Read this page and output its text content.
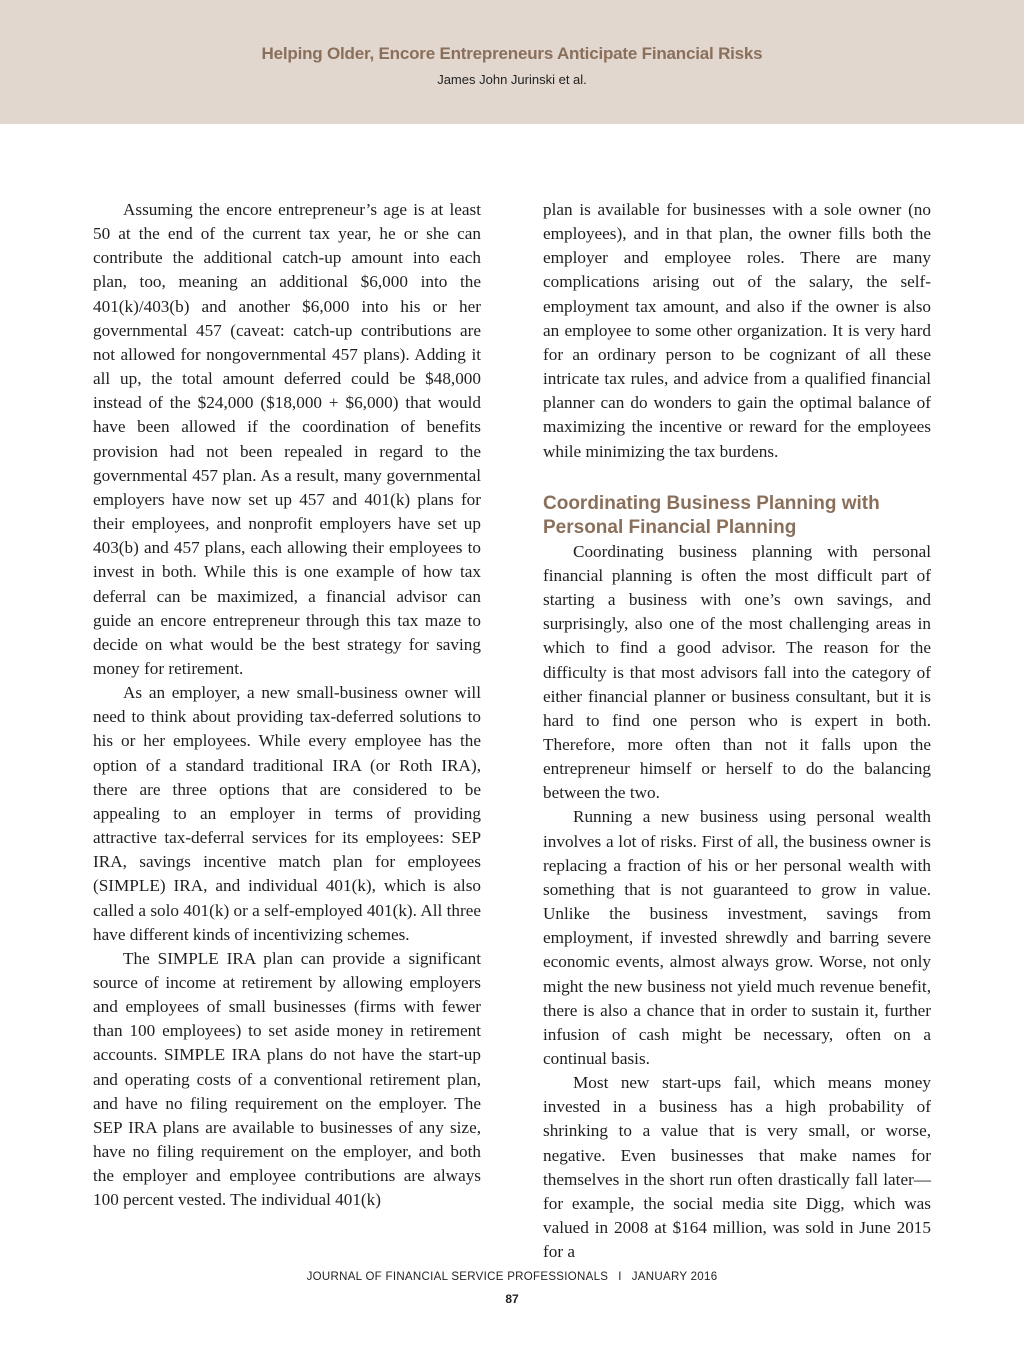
Helping Older, Encore Entrepreneurs Anticipate Financial Risks
James John Jurinski et al.

Assuming the encore entrepreneur’s age is at least 50 at the end of the current tax year, he or she can contribute the additional catch-up amount into each plan, too, meaning an additional $6,000 into the 401(k)/403(b) and another $6,000 into his or her governmental 457 (caveat: catch-up contributions are not allowed for nongovernmental 457 plans). Adding it all up, the total amount deferred could be $48,000 instead of the $24,000 ($18,000 + $6,000) that would have been allowed if the coordination of benefits provision had not been repealed in regard to the governmental 457 plan. As a result, many governmental employers have now set up 457 and 401(k) plans for their employees, and nonprofit employers have set up 403(b) and 457 plans, each allowing their employees to invest in both. While this is one example of how tax deferral can be maximized, a financial advisor can guide an encore entrepreneur through this tax maze to decide on what would be the best strategy for saving money for retirement.

As an employer, a new small-business owner will need to think about providing tax-deferred solutions to his or her employees. While every employee has the option of a standard traditional IRA (or Roth IRA), there are three options that are considered to be appealing to an employer in terms of providing attractive tax-deferral services for its employees: SEP IRA, savings incentive match plan for employees (SIMPLE) IRA, and individual 401(k), which is also called a solo 401(k) or a self-employed 401(k). All three have different kinds of incentivizing schemes.

The SIMPLE IRA plan can provide a significant source of income at retirement by allowing employers and employees of small businesses (firms with fewer than 100 employees) to set aside money in retirement accounts. SIMPLE IRA plans do not have the start-up and operating costs of a conventional retirement plan, and have no filing requirement on the employer. The SEP IRA plans are available to businesses of any size, have no filing requirement on the employer, and both the employer and employee contributions are always 100 percent vested. The individual 401(k)

plan is available for businesses with a sole owner (no employees), and in that plan, the owner fills both the employer and employee roles. There are many complications arising out of the salary, the self-employment tax amount, and also if the owner is also an employee to some other organization. It is very hard for an ordinary person to be cognizant of all these intricate tax rules, and advice from a qualified financial planner can do wonders to gain the optimal balance of maximizing the incentive or reward for the employees while minimizing the tax burdens.

Coordinating Business Planning with Personal Financial Planning

Coordinating business planning with personal financial planning is often the most difficult part of starting a business with one’s own savings, and surprisingly, also one of the most challenging areas in which to find a good advisor. The reason for the difficulty is that most advisors fall into the category of either financial planner or business consultant, but it is hard to find one person who is expert in both. Therefore, more often than not it falls upon the entrepreneur himself or herself to do the balancing between the two.

Running a new business using personal wealth involves a lot of risks. First of all, the business owner is replacing a fraction of his or her personal wealth with something that is not guaranteed to grow in value. Unlike the business investment, savings from employment, if invested shrewdly and barring severe economic events, almost always grow. Worse, not only might the new business not yield much revenue benefit, there is also a chance that in order to sustain it, further infusion of cash might be necessary, often on a continual basis.

Most new start-ups fail, which means money invested in a business has a high probability of shrinking to a value that is very small, or worse, negative. Even businesses that make names for themselves in the short run often drastically fall later—for example, the social media site Digg, which was valued in 2008 at $164 million, was sold in June 2015 for a

JOURNAL OF FINANCIAL SERVICE PROFESSIONALS I JANUARY 2016
87
